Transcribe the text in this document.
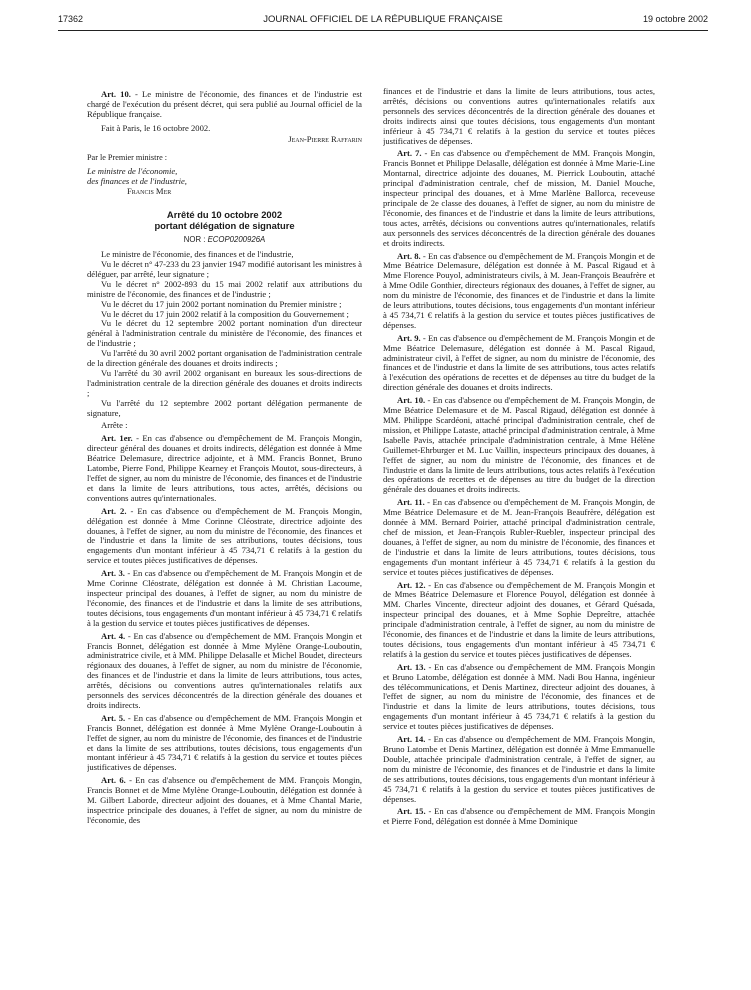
17362	JOURNAL OFFICIEL DE LA RÉPUBLIQUE FRANÇAISE	19 octobre 2002

Art. 10. - Le ministre de l'économie, des finances et de l'industrie est chargé de l'exécution du présent décret, qui sera publié au Journal officiel de la République française.

Fait à Paris, le 16 octobre 2002.

Jean-Pierre Raffarin

Par le Premier ministre :

Le ministre de l'économie,

des finances et de l'industrie,

Francis Mer

Arrêté du 10 octobre 2002

portant délégation de signature

NOR : ECOP0200926A

Le ministre de l'économie, des finances et de l'industrie,

Vu le décret n° 47-233 du 23 janvier 1947 modifié autorisant les ministres à déléguer, par arrêté, leur signature ;

Vu le décret n° 2002-893 du 15 mai 2002 relatif aux attributions du ministre de l'économie, des finances et de l'industrie ;

Vu le décret du 17 juin 2002 portant nomination du Premier ministre ;

Vu le décret du 17 juin 2002 relatif à la composition du Gouvernement ;

Vu le décret du 12 septembre 2002 portant nomination d'un directeur général à l'administration centrale du ministère de l'économie, des finances et de l'industrie ;

Vu l'arrêté du 30 avril 2002 portant organisation de l'administration centrale de la direction générale des douanes et droits indirects ;

Vu l'arrêté du 30 avril 2002 organisant en bureaux les sous-directions de l'administration centrale de la direction générale des douanes et droits indirects ;

Vu l'arrêté du 12 septembre 2002 portant délégation permanente de signature,

Arrête :

Art. 1er. - En cas d'absence ou d'empêchement de M. François Mongin, directeur général des douanes et droits indirects, délégation est donnée à Mme Béatrice Delemasure, directrice adjointe, et à MM. Francis Bonnet, Bruno Latombe, Pierre Fond, Philippe Kearney et François Moutot, sous-directeurs, à l'effet de signer, au nom du ministre de l'économie, des finances et de l'industrie et dans la limite de leurs attributions, tous actes, arrêtés, décisions ou conventions autres qu'internationales.

Art. 2. - En cas d'absence ou d'empêchement de M. François Mongin, délégation est donnée à Mme Corinne Cléostrate, directrice adjointe des douanes, à l'effet de signer, au nom du ministre de l'économie, des finances et de l'industrie et dans la limite de ses attributions, toutes décisions, tous engagements d'un montant inférieur à 45 734,71 € relatifs à la gestion du service et toutes pièces justificatives de dépenses.

Art. 3. - En cas d'absence ou d'empêchement de M. François Mongin et de Mme Corinne Cléostrate, délégation est donnée à M. Christian Lacoume, inspecteur principal des douanes, à l'effet de signer, au nom du ministre de l'économie, des finances et de l'industrie et dans la limite de ses attributions, toutes décisions, tous engagements d'un montant inférieur à 45 734,71 € relatifs à la gestion du service et toutes pièces justificatives de dépenses.

Art. 4. - En cas d'absence ou d'empêchement de MM. François Mongin et Francis Bonnet, délégation est donnée à Mme Mylène Orange-Louboutin, administratrice civile, et à MM. Philippe Delasalle et Michel Boudet, directeurs régionaux des douanes, à l'effet de signer, au nom du ministre de l'économie, des finances et de l'industrie et dans la limite de leurs attributions, tous actes, arrêtés, décisions ou conventions autres qu'internationales relatifs aux personnels des services déconcentrés de la direction générale des douanes et droits indirects.

Art. 5. - En cas d'absence ou d'empêchement de MM. François Mongin et Francis Bonnet, délégation est donnée à Mme Mylène Orange-Louboutin à l'effet de signer, au nom du ministre de l'économie, des finances et de l'industrie et dans la limite de ses attributions, toutes décisions, tous engagements d'un montant inférieur à 45 734,71 € relatifs à la gestion du service et toutes pièces justificatives de dépenses.

Art. 6. - En cas d'absence ou d'empêchement de MM. François Mongin, Francis Bonnet et de Mme Mylène Orange-Louboutin, délégation est donnée à M. Gilbert Laborde, directeur adjoint des douanes, et à Mme Chantal Marie, inspectrice principale des douanes, à l'effet de signer, au nom du ministre de l'économie, des

finances et de l'industrie et dans la limite de leurs attributions, tous actes, arrêtés, décisions ou conventions autres qu'internationales relatifs aux personnels des services déconcentrés de la direction générale des douanes et droits indirects ainsi que toutes décisions, tous engagements d'un montant inférieur à 45 734,71 € relatifs à la gestion du service et toutes pièces justificatives de dépenses.

Art. 7. - En cas d'absence ou d'empêchement de MM. François Mongin, Francis Bonnet et Philippe Delasalle, délégation est donnée à Mme Marie-Line Montarnal, directrice adjointe des douanes, M. Pierrick Louboutin, attaché principal d'administration centrale, chef de mission, M. Daniel Mouche, inspecteur principal des douanes, et à Mme Marlène Ballorca, receveuse principale de 2e classe des douanes, à l'effet de signer, au nom du ministre de l'économie, des finances et de l'industrie et dans la limite de leurs attributions, tous actes, arrêtés, décisions ou conventions autres qu'internationales, relatifs aux personnels des services déconcentrés de la direction générale des douanes et droits indirects.

Art. 8. - En cas d'absence ou d'empêchement de M. François Mongin et de Mme Béatrice Delemasure, délégation est donnée à M. Pascal Rigaud et à Mme Florence Pouyol, administrateurs civils, à M. Jean-François Beaufrère et à Mme Odile Gonthier, directeurs régionaux des douanes, à l'effet de signer, au nom du ministre de l'économie, des finances et de l'industrie et dans la limite de leurs attributions, toutes décisions, tous engagements d'un montant inférieur à 45 734,71 € relatifs à la gestion du service et toutes pièces justificatives de dépenses.

Art. 9. - En cas d'absence ou d'empêchement de M. François Mongin et de Mme Béatrice Delemasure, délégation est donnée à M. Pascal Rigaud, administrateur civil, à l'effet de signer, au nom du ministre de l'économie, des finances et de l'industrie et dans la limite de ses attributions, tous actes relatifs à l'exécution des opérations de recettes et de dépenses au titre du budget de la direction générale des douanes et droits indirects.

Art. 10. - En cas d'absence ou d'empêchement de M. François Mongin, de Mme Béatrice Delemasure et de M. Pascal Rigaud, délégation est donnée à MM. Philippe Scardéoni, attaché principal d'administration centrale, chef de mission, et Philippe Lataste, attaché principal d'administration centrale, à Mme Isabelle Pavis, attachée principale d'administration centrale, à Mme Hélène Guillemet-Ehrburger et M. Luc Vaillin, inspecteurs principaux des douanes, à l'effet de signer, au nom du ministre de l'économie, des finances et de l'industrie et dans la limite de leurs attributions, tous actes relatifs à l'exécution des opérations de recettes et de dépenses au titre du budget de la direction générale des douanes et droits indirects.

Art. 11. - En cas d'absence ou d'empêchement de M. François Mongin, de Mme Béatrice Delemasure et de M. Jean-François Beaufrère, délégation est donnée à MM. Bernard Poirier, attaché principal d'administration centrale, chef de mission, et Jean-François Rubler-Ruebler, inspecteur principal des douanes, à l'effet de signer, au nom du ministre de l'économie, des finances et de l'industrie et dans la limite de leurs attributions, toutes décisions, tous engagements d'un montant inférieur à 45 734,71 € relatifs à la gestion du service et toutes pièces justificatives de dépenses.

Art. 12. - En cas d'absence ou d'empêchement de M. François Mongin et de Mmes Béatrice Delemasure et Florence Pouyol, délégation est donnée à MM. Charles Vincente, directeur adjoint des douanes, et Gérard Quésada, inspecteur principal des douanes, et à Mme Sophie Depreître, attachée principale d'administration centrale, à l'effet de signer, au nom du ministre de l'économie, des finances et de l'industrie et dans la limite de leurs attributions, toutes décisions, tous engagements d'un montant inférieur à 45 734,71 € relatifs à la gestion du service et toutes pièces justificatives de dépenses.

Art. 13. - En cas d'absence ou d'empêchement de MM. François Mongin et Bruno Latombe, délégation est donnée à MM. Nadi Bou Hanna, ingénieur des télécommunications, et Denis Martinez, directeur adjoint des douanes, à l'effet de signer, au nom du ministre de l'économie, des finances et de l'industrie et dans la limite de leurs attributions, toutes décisions, tous engagements d'un montant inférieur à 45 734,71 € relatifs à la gestion du service et toutes pièces justificatives de dépenses.

Art. 14. - En cas d'absence ou d'empêchement de MM. François Mongin, Bruno Latombe et Denis Martinez, délégation est donnée à Mme Emmanuelle Double, attachée principale d'administration centrale, à l'effet de signer, au nom du ministre de l'économie, des finances et de l'industrie et dans la limite de ses attributions, toutes décisions, tous engagements d'un montant inférieur à 45 734,71 € relatifs à la gestion du service et toutes pièces justificatives de dépenses.

Art. 15. - En cas d'absence ou d'empêchement de MM. François Mongin et Pierre Fond, délégation est donnée à Mme Dominique
